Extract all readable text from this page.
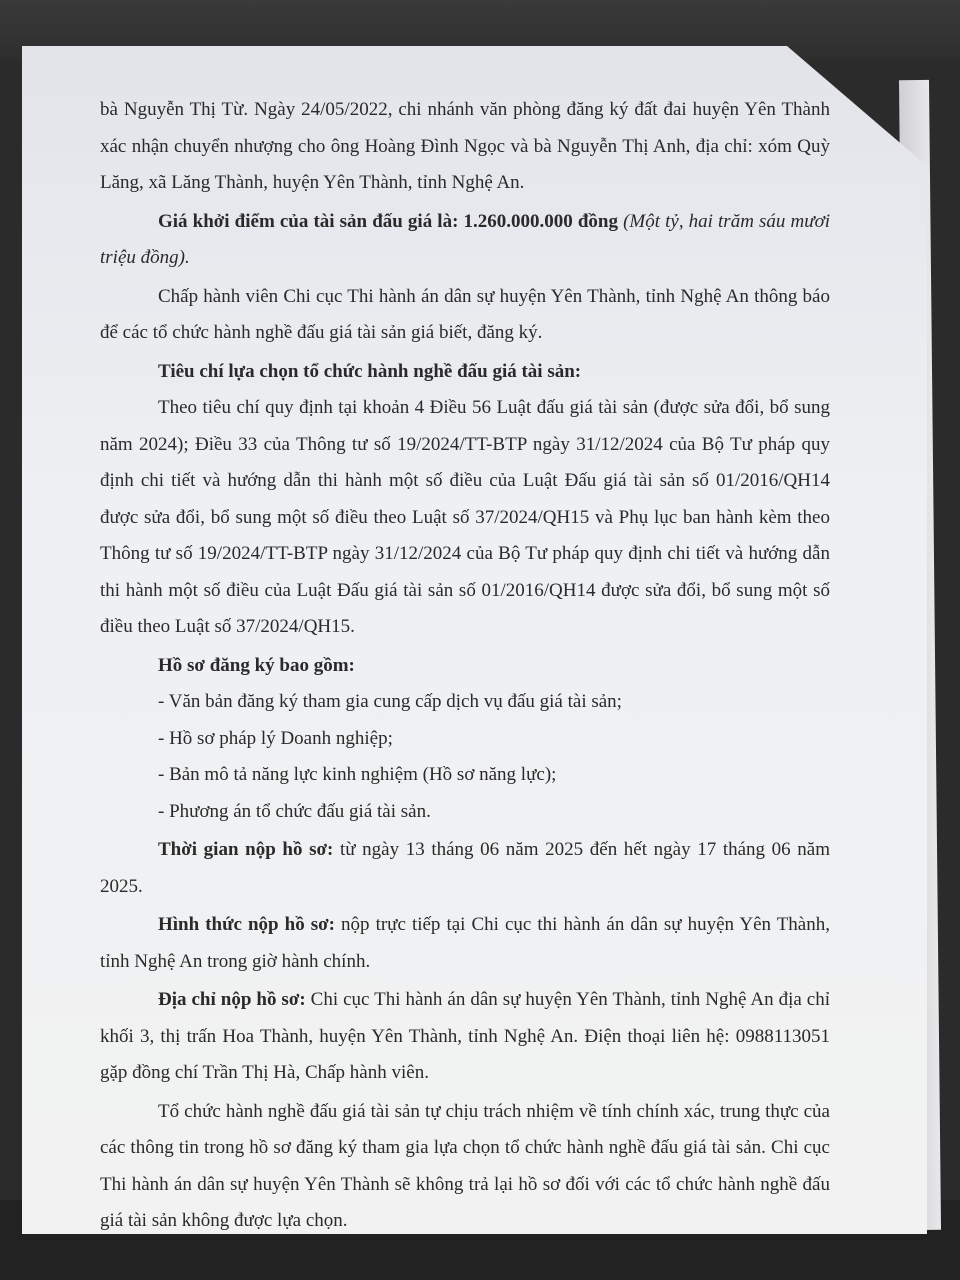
bà Nguyễn Thị Từ. Ngày 24/05/2022, chi nhánh văn phòng đăng ký đất đai huyện Yên Thành xác nhận chuyển nhượng cho ông Hoàng Đình Ngọc và bà Nguyễn Thị Anh, địa chỉ: xóm Quỳ Lăng, xã Lăng Thành, huyện Yên Thành, tỉnh Nghệ An.

Giá khởi điểm của tài sản đấu giá là: 1.260.000.000 đồng (Một tỷ, hai trăm sáu mươi triệu đồng).

Chấp hành viên Chi cục Thi hành án dân sự huyện Yên Thành, tỉnh Nghệ An thông báo để các tổ chức hành nghề đấu giá tài sản giá biết, đăng ký.

Tiêu chí lựa chọn tổ chức hành nghề đấu giá tài sản:

Theo tiêu chí quy định tại khoản 4 Điều 56 Luật đấu giá tài sản (được sửa đổi, bổ sung năm 2024); Điều 33 của Thông tư số 19/2024/TT-BTP ngày 31/12/2024 của Bộ Tư pháp quy định chi tiết và hướng dẫn thi hành một số điều của Luật Đấu giá tài sản số 01/2016/QH14 được sửa đổi, bổ sung một số điều theo Luật số 37/2024/QH15 và Phụ lục ban hành kèm theo Thông tư số 19/2024/TT-BTP ngày 31/12/2024 của Bộ Tư pháp quy định chi tiết và hướng dẫn thi hành một số điều của Luật Đấu giá tài sản số 01/2016/QH14 được sửa đổi, bổ sung một số điều theo Luật số 37/2024/QH15.

Hồ sơ đăng ký bao gồm:

- Văn bản đăng ký tham gia cung cấp dịch vụ đấu giá tài sản;
- Hồ sơ pháp lý Doanh nghiệp;
- Bản mô tả năng lực kinh nghiệm (Hồ sơ năng lực);
- Phương án tổ chức đấu giá tài sản.

Thời gian nộp hồ sơ: từ ngày 13 tháng 06 năm 2025 đến hết ngày 17 tháng 06 năm 2025.

Hình thức nộp hồ sơ: nộp trực tiếp tại Chi cục thi hành án dân sự huyện Yên Thành, tỉnh Nghệ An trong giờ hành chính.

Địa chỉ nộp hồ sơ: Chi cục Thi hành án dân sự huyện Yên Thành, tỉnh Nghệ An địa chỉ khối 3, thị trấn Hoa Thành, huyện Yên Thành, tỉnh Nghệ An. Điện thoại liên hệ: 0988113051 gặp đồng chí Trần Thị Hà, Chấp hành viên.

Tổ chức hành nghề đấu giá tài sản tự chịu trách nhiệm về tính chính xác, trung thực của các thông tin trong hồ sơ đăng ký tham gia lựa chọn tổ chức hành nghề đấu giá tài sản. Chi cục Thi hành án dân sự huyện Yên Thành sẽ không trả lại hồ sơ đối với các tổ chức hành nghề đấu giá tài sản không được lựa chọn.
